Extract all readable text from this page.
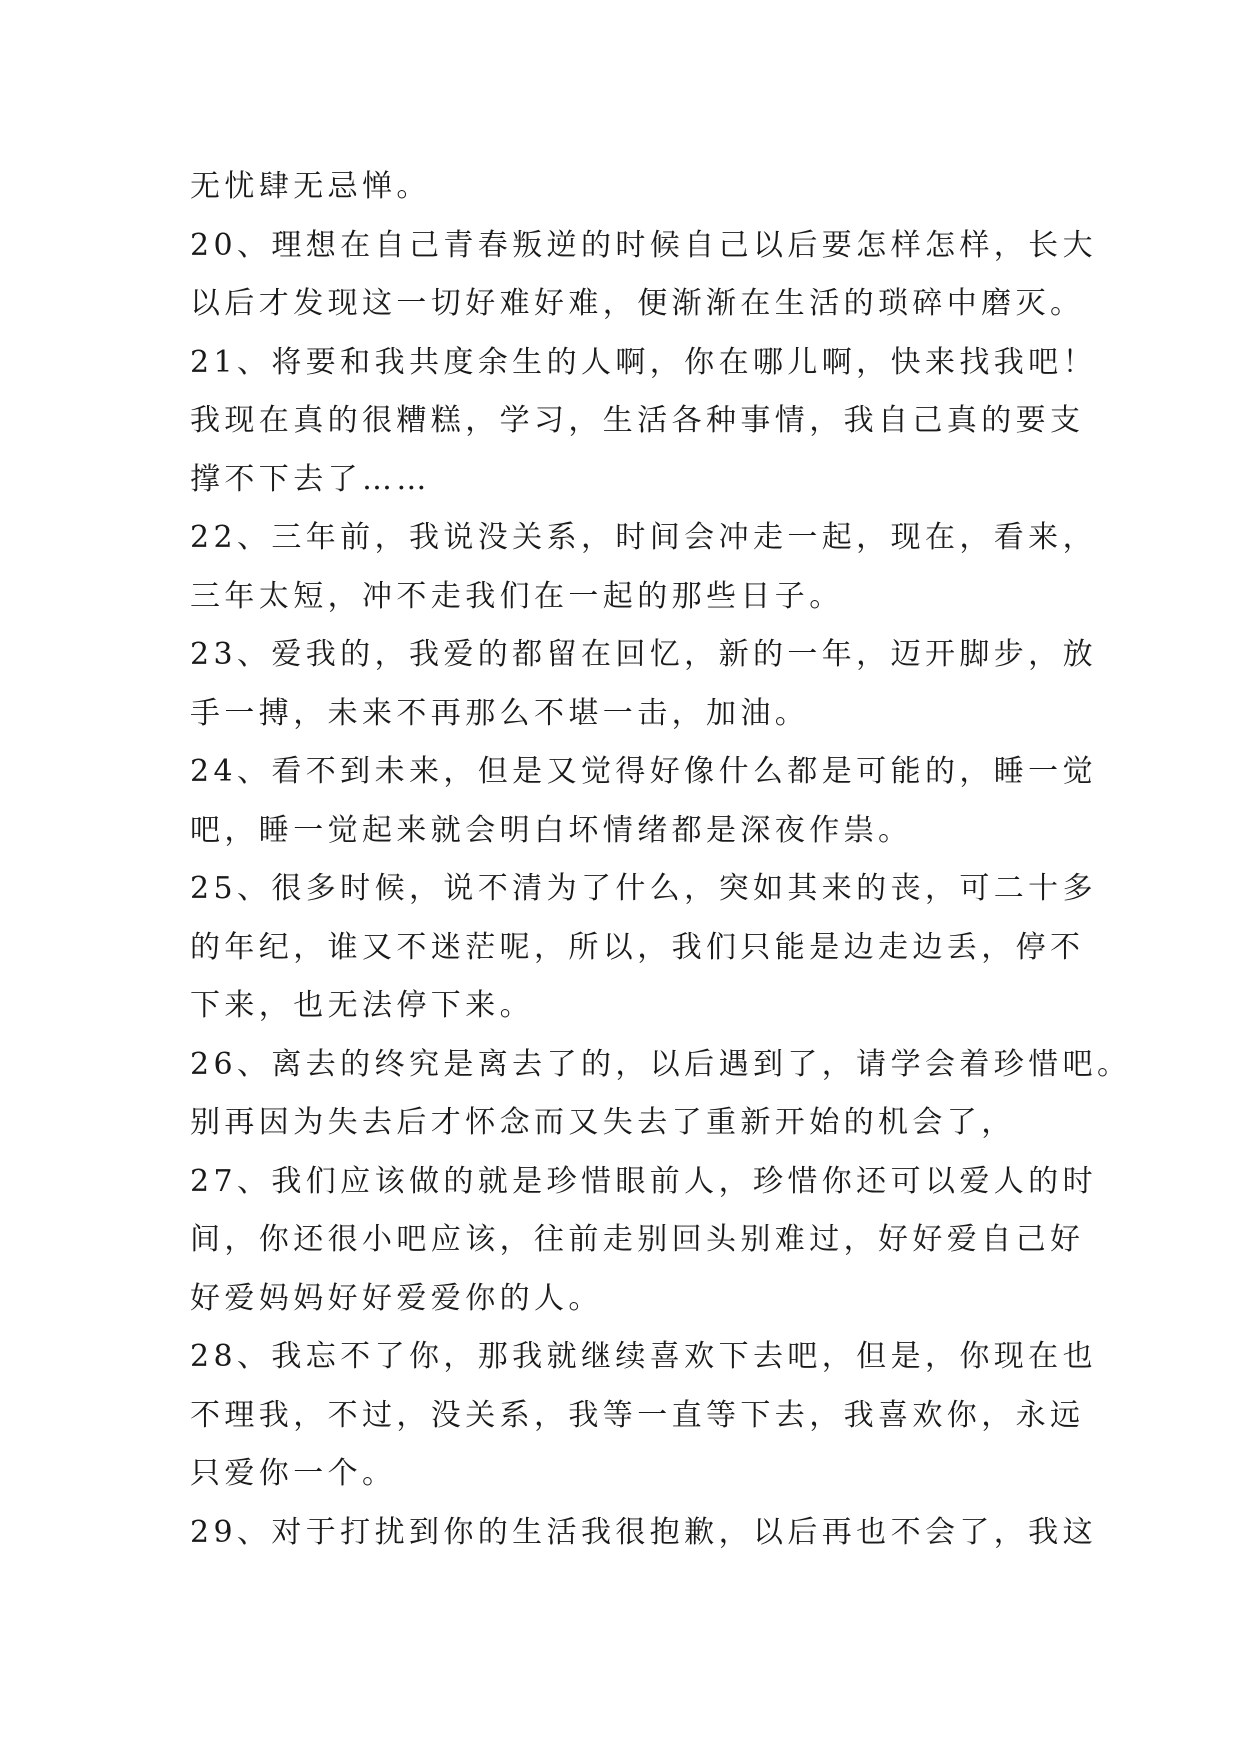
无忧肆无忌惮。
20、理想在自己青春叛逆的时候自己以后要怎样怎样，长大
以后才发现这一切好难好难，便渐渐在生活的琐碎中磨灭。
21、将要和我共度余生的人啊，你在哪儿啊，快来找我吧！
我现在真的很糟糕，学习，生活各种事情，我自己真的要支
撑不下去了……
22、三年前，我说没关系，时间会冲走一起，现在，看来，
三年太短，冲不走我们在一起的那些日子。
23、爱我的，我爱的都留在回忆，新的一年，迈开脚步，放
手一搏，未来不再那么不堪一击，加油。
24、看不到未来，但是又觉得好像什么都是可能的，睡一觉
吧，睡一觉起来就会明白坏情绪都是深夜作祟。
25、很多时候，说不清为了什么，突如其来的丧，可二十多
的年纪，谁又不迷茫呢，所以，我们只能是边走边丢，停不
下来，也无法停下来。
26、离去的终究是离去了的，以后遇到了，请学会着珍惜吧。
别再因为失去后才怀念而又失去了重新开始的机会了，
27、我们应该做的就是珍惜眼前人，珍惜你还可以爱人的时
间，你还很小吧应该，往前走别回头别难过，好好爱自己好
好爱妈妈好好爱爱你的人。
28、我忘不了你，那我就继续喜欢下去吧，但是，你现在也
不理我，不过，没关系，我等一直等下去，我喜欢你，永远
只爱你一个。
29、对于打扰到你的生活我很抱歉，以后再也不会了，我这
